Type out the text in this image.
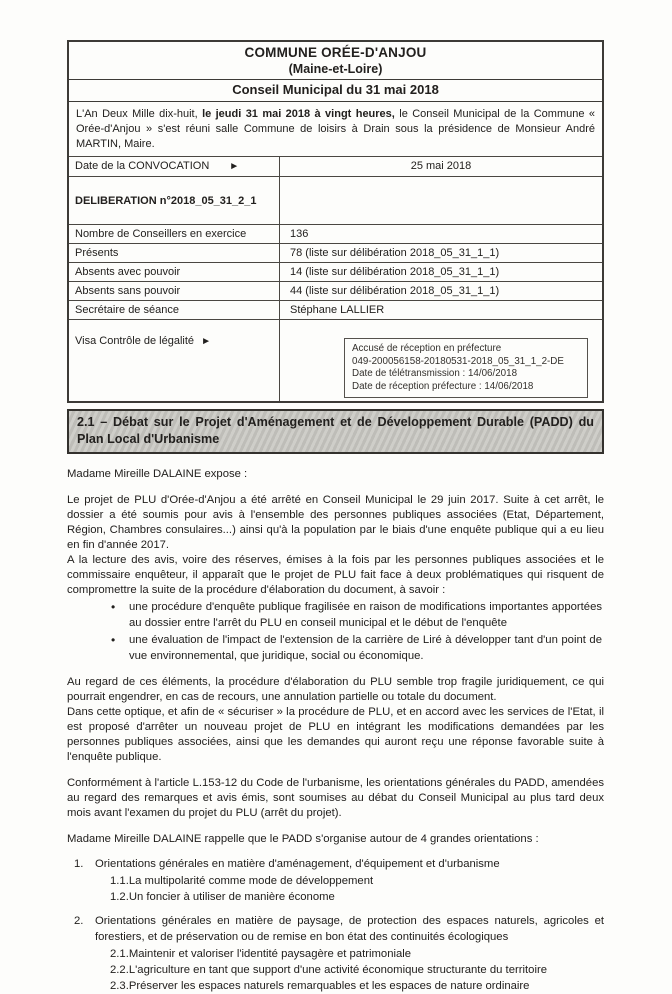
COMMUNE ORÉE-D'ANJOU
(Maine-et-Loire)
Conseil Municipal du 31 mai 2018
L'An Deux Mille dix-huit, le jeudi 31 mai 2018 à vingt heures, le Conseil Municipal de la Commune « Orée-d'Anjou » s'est réuni salle Commune de loisirs à Drain sous la présidence de Monsieur André MARTIN, Maire.
Date de la CONVOCATION ►	25 mai 2018
DELIBERATION n°2018_05_31_2_1
Nombre de Conseillers en exercice	136
Présents	78 (liste sur délibération 2018_05_31_1_1)
Absents avec pouvoir	14 (liste sur délibération 2018_05_31_1_1)
Absents sans pouvoir	44 (liste sur délibération 2018_05_31_1_1)
Secrétaire de séance	Stéphane LALLIER
Visa Contrôle de légalité ►
Accusé de réception en préfecture
049-200056158-20180531-2018_05_31_1_2-DE
Date de télétransmission : 14/06/2018
Date de réception préfecture : 14/06/2018
2.1 – Débat sur le Projet d'Aménagement et de Développement Durable (PADD) du Plan Local d'Urbanisme

Madame Mireille DALAINE expose :

Le projet de PLU d'Orée-d'Anjou a été arrêté en Conseil Municipal le 29 juin 2017. Suite à cet arrêt, le dossier a été soumis pour avis à l'ensemble des personnes publiques associées (Etat, Département, Région, Chambres consulaires...) ainsi qu'à la population par le biais d'une enquête publique qui a eu lieu en fin d'année 2017.

A la lecture des avis, voire des réserves, émises à la fois par les personnes publiques associées et le commissaire enquêteur, il apparaît que le projet de PLU fait face à deux problématiques qui risquent de compromettre la suite de la procédure d'élaboration du document, à savoir :

• une procédure d'enquête publique fragilisée en raison de modifications importantes apportées au dossier entre l'arrêt du PLU en conseil municipal et le début de l'enquête
• une évaluation de l'impact de l'extension de la carrière de Liré à développer tant d'un point de vue environnemental, que juridique, social ou économique.

Au regard de ces éléments, la procédure d'élaboration du PLU semble trop fragile juridiquement, ce qui pourrait engendrer, en cas de recours, une annulation partielle ou totale du document.

Dans cette optique, et afin de « sécuriser » la procédure de PLU, et en accord avec les services de l'Etat, il est proposé d'arrêter un nouveau projet de PLU en intégrant les modifications demandées par les personnes publiques associées, ainsi que les demandes qui auront reçu une réponse favorable suite à l'enquête publique.

Conformément à l'article L.153-12 du Code de l'urbanisme, les orientations générales du PADD, amendées au regard des remarques et avis émis, sont soumises au débat du Conseil Municipal au plus tard deux mois avant l'examen du projet du PLU (arrêt du projet).

Madame Mireille DALAINE rappelle que le PADD s'organise autour de 4 grandes orientations :

1. Orientations générales en matière d'aménagement, d'équipement et d'urbanisme
1.1.La multipolarité comme mode de développement
1.2.Un foncier à utiliser de manière économe
2. Orientations générales en matière de paysage, de protection des espaces naturels, agricoles et forestiers, et de préservation ou de remise en bon état des continuités écologiques
2.1.Maintenir et valoriser l'identité paysagère et patrimoniale
2.2.L'agriculture en tant que support d'une activité économique structurante du territoire
2.3.Préserver les espaces naturels remarquables et les espaces de nature ordinaire
